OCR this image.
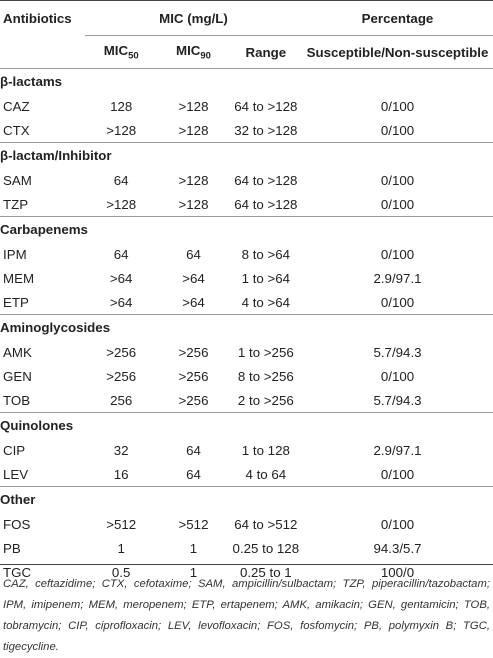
Antibiotics	MIC (mg/L)			Percentage
	$MIC_{50}$	$MIC_{90}$	Range	Susceptible/Non-susceptible
β-lactams				
CAZ	128	>128	64 to >128	0/100
CTX	>128	>128	32 to >128	0/100
β-lactam/Inhibitor				
SAM	64	>128	64 to >128	0/100
TZP	>128	>128	64 to >128	0/100
Carbapenems				
IPM	64	64	8 to >64	0/100
MEM	>64	>64	1 to >64	2.9/97.1
ETP	>64	>64	4 to >64	0/100
Aminoglycosides				
AMK	>256	>256	1 to >256	5.7/94.3
GEN	>256	>256	8 to >256	0/100
TOB	256	>256	2 to >256	5.7/94.3
Quinolones				
CIP	32	64	1 to 128	2.9/97.1
LEV	16	64	4 to 64	0/100
Other				
FOS	>512	>512	64 to >512	0/100
PB	1	1	0.25 to 128	94.3/5.7
TGC	0.5	1	0.25 to 1	100/0
CAZ, ceftazidime; CTX, cefotaxime; SAM, ampicillin/sulbactam; TZP, piperacillin/tazobactam; IPM, imipenem; MEM, meropenem; ETP, ertapenem; AMK, amikacin; GEN, gentamicin; TOB, tobramycin; CIP, ciprofloxacin; LEV, levofloxacin; FOS, fosfomycin; PB, polymyxin B; TGC, tigecycline.
